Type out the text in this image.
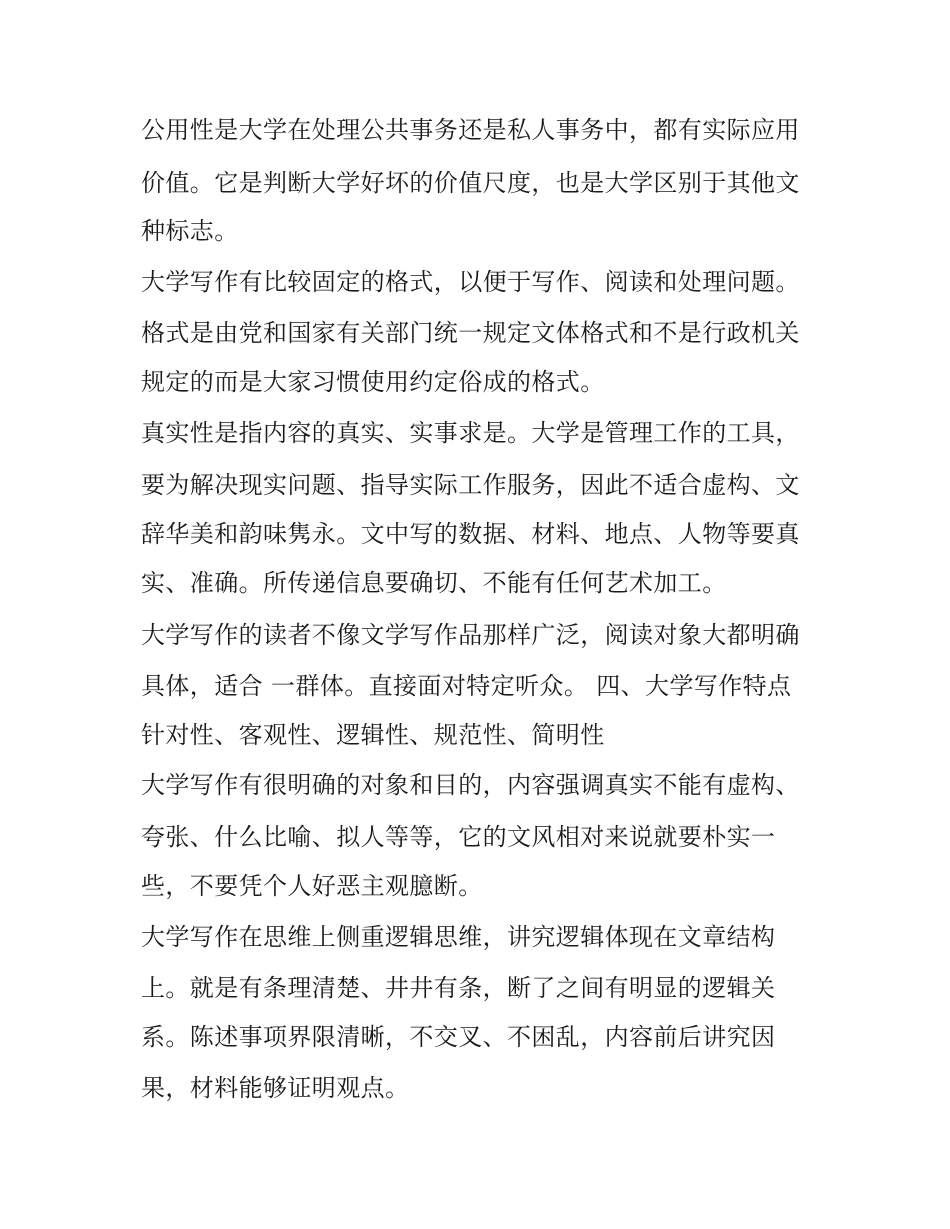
公用性是大学在处理公共事务还是私人事务中，都有实际应用
价值。它是判断大学好坏的价值尺度，也是大学区别于其他文
种标志。
大学写作有比较固定的格式，以便于写作、阅读和处理问题。
格式是由党和国家有关部门统一规定文体格式和不是行政机关
规定的而是大家习惯使用约定俗成的格式。
真实性是指内容的真实、实事求是。大学是管理工作的工具，
要为解决现实问题、指导实际工作服务，因此不适合虚构、文
辞华美和韵味隽永。文中写的数据、材料、地点、人物等要真
实、准确。所传递信息要确切、不能有任何艺术加工。
大学写作的读者不像文学写作品那样广泛，阅读对象大都明确
具体，适合 一群体。直接面对特定听众。 四、大学写作特点
针对性、客观性、逻辑性、规范性、简明性
大学写作有很明确的对象和目的，内容强调真实不能有虚构、
夸张、什么比喻、拟人等等，它的文风相对来说就要朴实一
些，不要凭个人好恶主观臆断。
大学写作在思维上侧重逻辑思维，讲究逻辑体现在文章结构
上。就是有条理清楚、井井有条，断了之间有明显的逻辑关
系。陈述事项界限清晰，不交叉、不困乱，内容前后讲究因
果，材料能够证明观点。
